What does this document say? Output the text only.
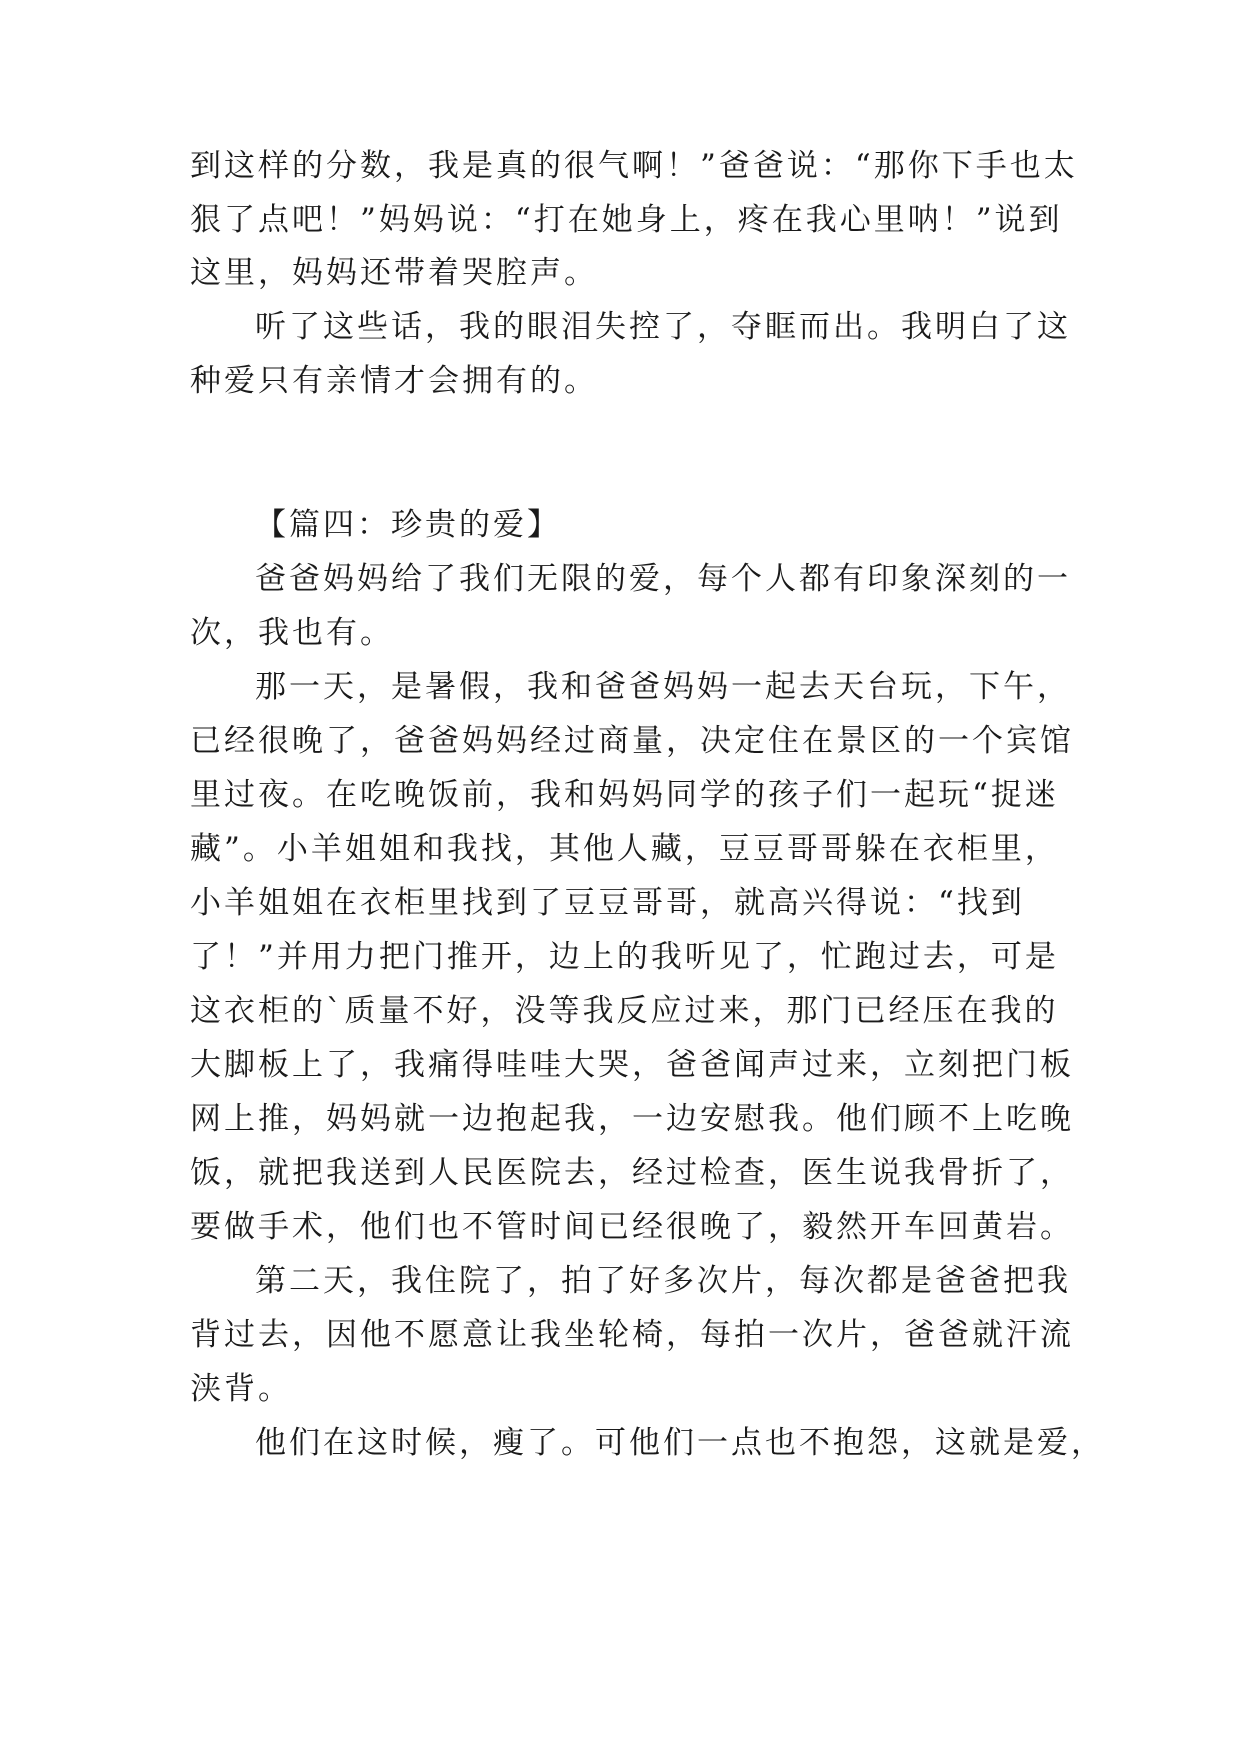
到这样的分数，我是真的很气啊！”爸爸说：“那你下手也太
狠了点吧！”妈妈说：“打在她身上，疼在我心里呐！”说到
这里，妈妈还带着哭腔声。
听了这些话，我的眼泪失控了，夺眶而出。我明白了这
种爱只有亲情才会拥有的。
【篇四：珍贵的爱】
爸爸妈妈给了我们无限的爱，每个人都有印象深刻的一
次，我也有。
那一天，是暑假，我和爸爸妈妈一起去天台玩，下午，
已经很晚了，爸爸妈妈经过商量，决定住在景区的一个宾馆
里过夜。在吃晚饭前，我和妈妈同学的孩子们一起玩“捉迷
藏”。小羊姐姐和我找，其他人藏，豆豆哥哥躲在衣柜里，
小羊姐姐在衣柜里找到了豆豆哥哥，就高兴得说：“找到
了！”并用力把门推开，边上的我听见了，忙跑过去，可是
这衣柜的`质量不好，没等我反应过来，那门已经压在我的
大脚板上了，我痛得哇哇大哭，爸爸闻声过来，立刻把门板
网上推，妈妈就一边抱起我，一边安慰我。他们顾不上吃晚
饭，就把我送到人民医院去，经过检查，医生说我骨折了，
要做手术，他们也不管时间已经很晚了，毅然开车回黄岩。
第二天，我住院了，拍了好多次片，每次都是爸爸把我
背过去，因他不愿意让我坐轮椅，每拍一次片，爸爸就汗流
浃背。
他们在这时候，瘦了。可他们一点也不抱怨，这就是爱，
